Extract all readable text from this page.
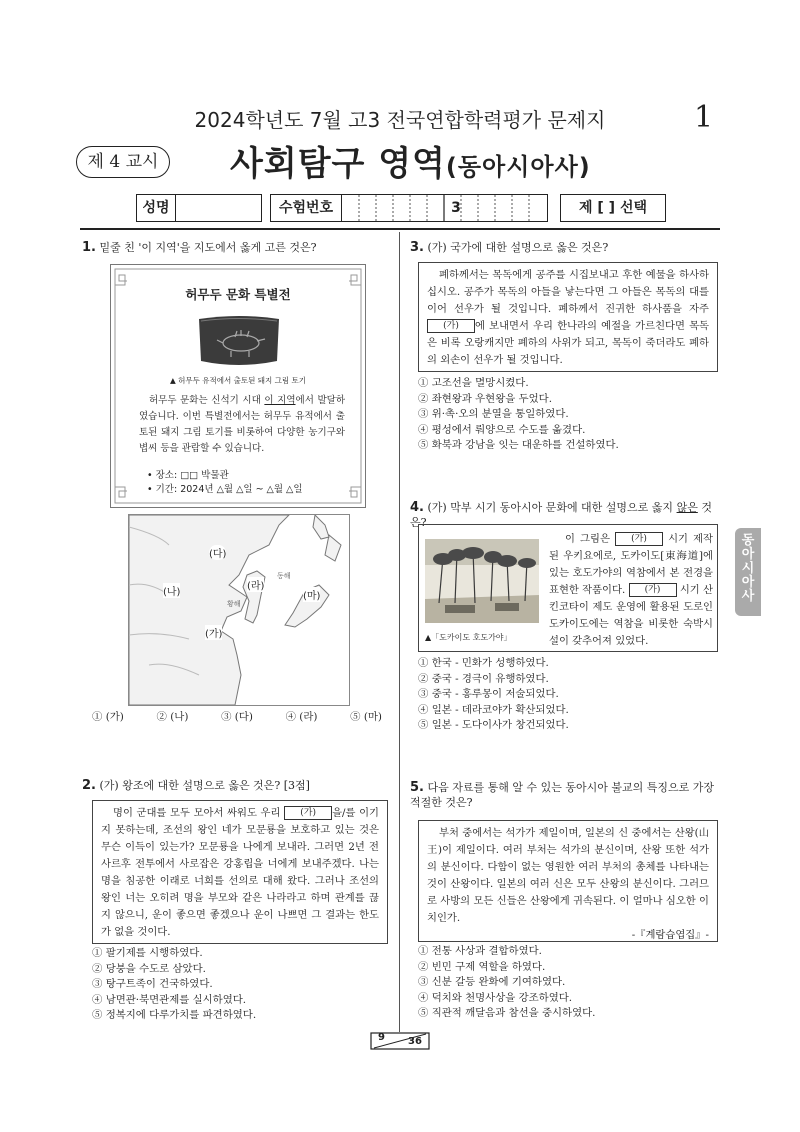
2024학년도 7월 고3 전국연합학력평가 문제지	1
제 4 교시	사회탐구 영역(동아시아사)
성명	수험번호	3	제 [ ] 선택
동아시아사
1. 밑줄 친 '이 지역'을 지도에서 옳게 고른 것은?
허무두 문화 특별전
▲ 허무두 유적에서 출토된 돼지 그림 토기
허무두 문화는 신석기 시대 이 지역에서 발달하였습니다. 이번 특별전에서는 허무두 유적에서 출토된 돼지 그림 토기를 비롯하여 다양한 농기구와 볍씨 등을 관람할 수 있습니다.
• 장소: □□ 박물관
• 기간: 2024년 △월 △일 ~ △월 △일
(다)
(나)
(라)
(마)
(가)
황해
동해
① (가)	② (나)	③ (다)	④ (라)	⑤ (마)
2. (가) 왕조에 대한 설명으로 옳은 것은? [3점]
명이 군대를 모두 모아서 싸워도 우리 (가) 을/를 이기지 못하는데, 조선의 왕인 네가 모문룡을 보호하고 있는 것은 무슨 이득이 있는가? 모문룡을 나에게 보내라. 그러면 2년 전 사르후 전투에서 사로잡은 강홍립을 너에게 보내주겠다. 나는 명을 침공한 이래로 너희를 선의로 대해 왔다. 그러나 조선의 왕인 너는 오히려 명을 부모와 같은 나라라고 하며 관계를 끊지 않으니, 운이 좋으면 좋겠으나 운이 나쁘면 그 결과는 한도가 없을 것이다.
① 팔기제를 시행하였다.
② 당붕을 수도로 삼았다.
③ 탕구트족이 건국하였다.
④ 남면관·북면관제를 실시하였다.
⑤ 정복지에 다루가치를 파견하였다.
3. (가) 국가에 대한 설명으로 옳은 것은?
폐하께서는 목독에게 공주를 시집보내고 후한 예물을 하사하십시오. 공주가 목독의 아들을 낳는다면 그 아들은 목독의 대를 이어 선우가 될 것입니다. 폐하께서 진귀한 하사품을 자주 (가) 에 보내면서 우리 한나라의 예절을 가르친다면 목독은 비록 오랑캐지만 폐하의 사위가 되고, 목독이 죽더라도 폐하의 외손이 선우가 될 것입니다.
① 고조선을 멸망시켰다.
② 좌현왕과 우현왕을 두었다.
③ 위·촉·오의 분열을 통일하였다.
④ 평성에서 뤄양으로 수도를 옮겼다.
⑤ 화북과 강남을 잇는 대운하를 건설하였다.
4. (가) 막부 시기 동아시아 문화에 대한 설명으로 옳지 않은 것은?
▲「도카이도 호도가야」
이 그림은 (가) 시기 제작된 우키요에로, 도카이도[東海道]에 있는 호도가야의 역참에서 본 전경을 표현한 작품이다. (가) 시기 산킨코타이 제도 운영에 활용된 도로인 도카이도에는 역참을 비롯한 숙박시설이 갖추어져 있었다.
① 한국 - 민화가 성행하였다.
② 중국 - 경극이 유행하였다.
③ 중국 - 홍루몽이 저술되었다.
④ 일본 - 데라코야가 확산되었다.
⑤ 일본 - 도다이사가 창건되었다.
5. 다음 자료를 통해 알 수 있는 동아시아 불교의 특징으로 가장 적절한 것은?
부처 중에서는 석가가 제일이며, 일본의 신 중에서는 산왕(山王)이 제일이다. 여러 부처는 석가의 분신이며, 산왕 또한 석가의 분신이다. 다함이 없는 영원한 여러 부처의 총체를 나타내는 것이 산왕이다. 일본의 여러 신은 모두 산왕의 분신이다. 그러므로 사방의 모든 신들은 산왕에게 귀속된다. 이 얼마나 심오한 이치인가.
-『계람습엽집』-
① 전통 사상과 결합하였다.
② 빈민 구제 역할을 하였다.
③ 신분 갈등 완화에 기여하였다.
④ 덕치와 천명사상을 강조하였다.
⑤ 직관적 깨달음과 참선을 중시하였다.
9 36
